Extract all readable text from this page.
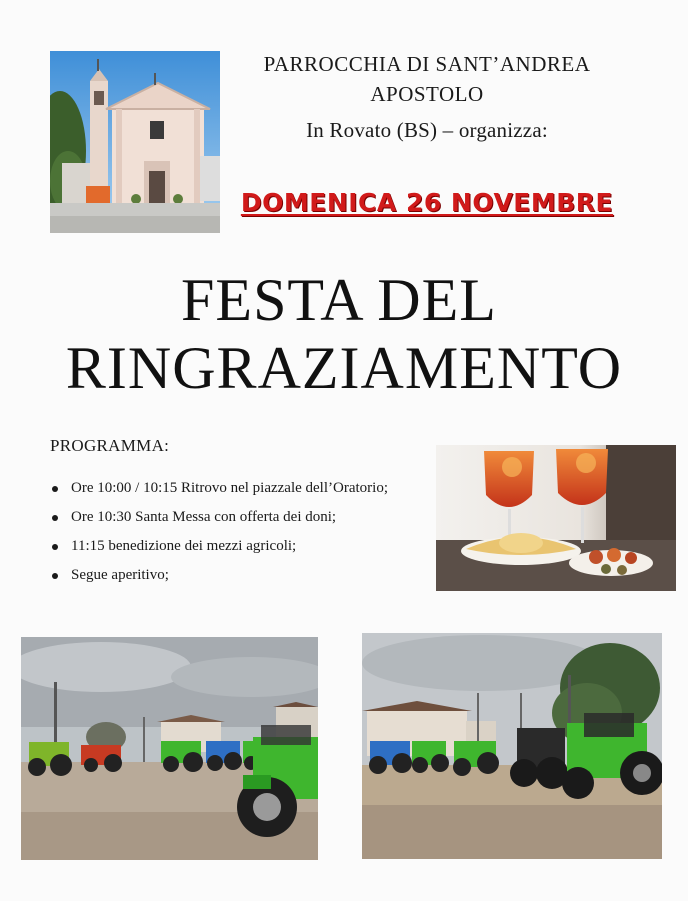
PARROCCHIA DI SANT’ANDREA
APOSTOLO
In Rovato (BS) – organizza:
DOMENICA 26 NOVEMBRE
FESTA DEL
RINGRAZIAMENTO
PROGRAMMA:
Ore 10:00 / 10:15 Ritrovo nel piazzale dell’Oratorio;
Ore 10:30 Santa Messa con offerta dei doni;
11:15 benedizione dei mezzi agricoli;
Segue aperitivo;
